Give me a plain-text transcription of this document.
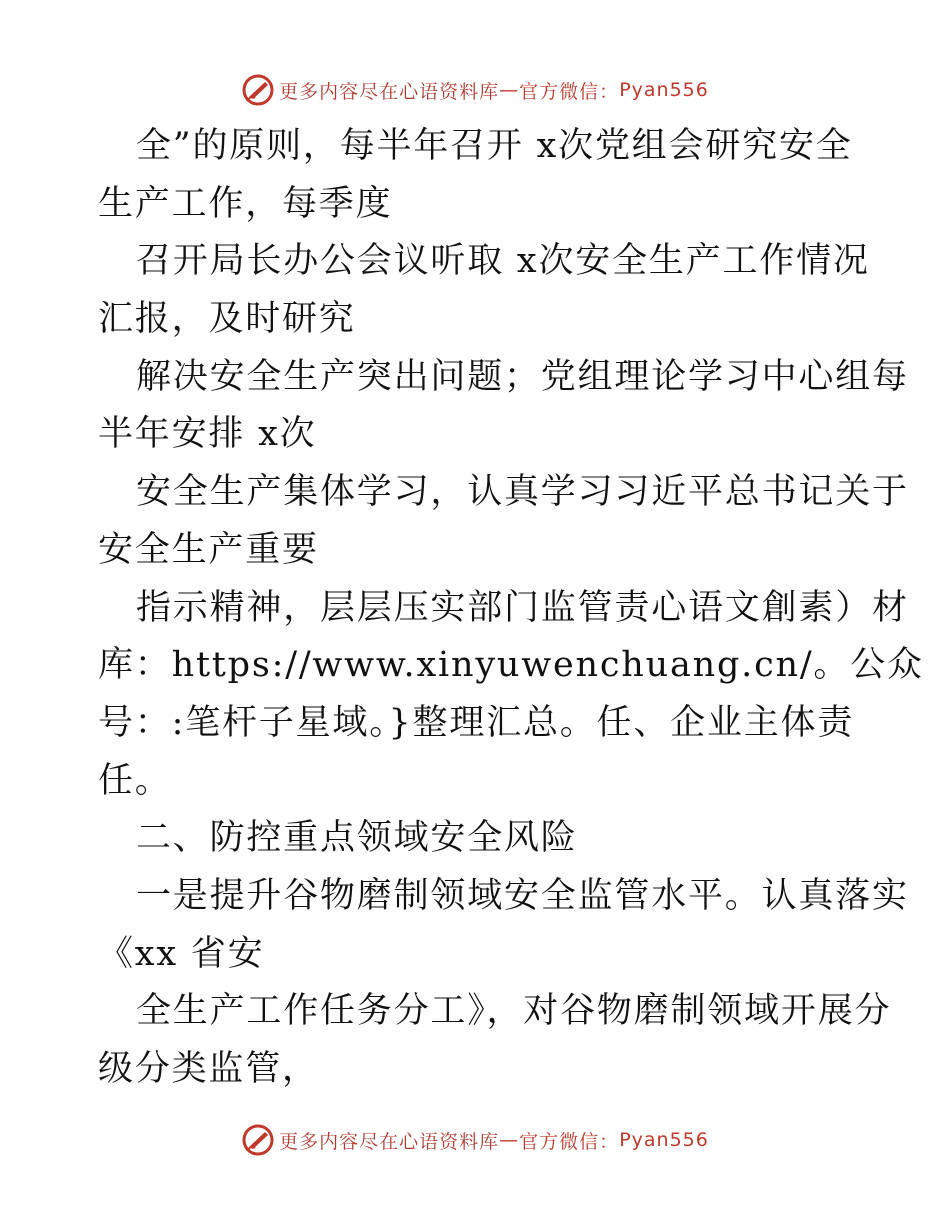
更多内容尽在心语资料库 — 官方微信： Pyan556
全”的原则，每半年召开 x次党组会研究安全
生产工作，每季度
召开局长办公会议听取 x次安全生产工作情况
汇报，及时研究
解决安全生产突出问题；党组理论学习中心组每
半年安排 x次
安全生产集体学习，认真学习习近平总书记关于
安全生产重要
指示精神，层层压实部门监管责心语文創素）材
库：https://www.xinyuwenchuang.cn/。公众
号：:笔杆子星域。}整理汇总。任、企业主体责
任。
二、防控重点领域安全风险
一是提升谷物磨制领域安全监管水平。认真落实
《xx 省安
全生产工作任务分工》，对谷物磨制领域开展分
级分类监管，
更多内容尽在心语资料库 — 官方微信： Pyan556
